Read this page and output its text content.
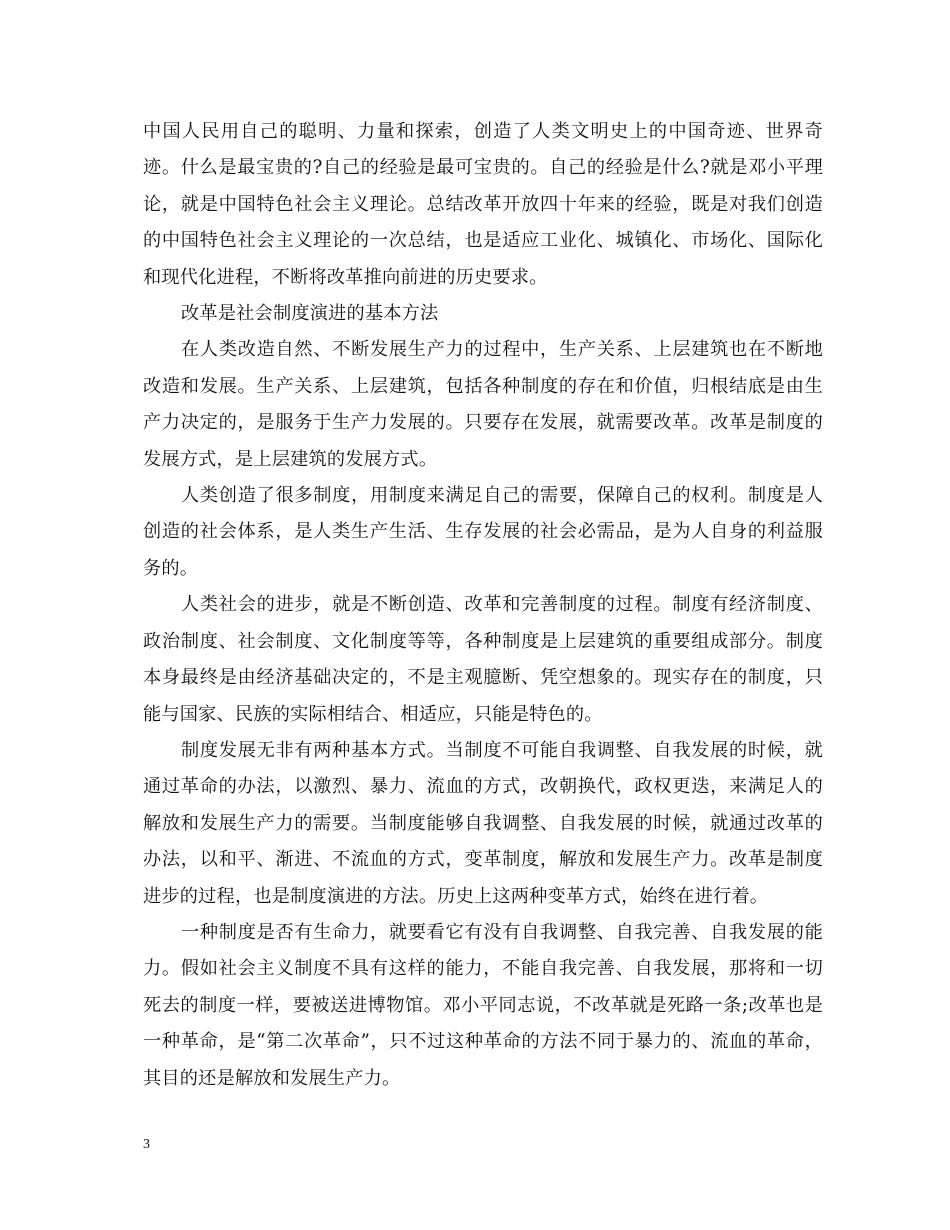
中国人民用自己的聪明、力量和探索，创造了人类文明史上的中国奇迹、世界奇迹。什么是最宝贵的?自己的经验是最可宝贵的。自己的经验是什么?就是邓小平理论，就是中国特色社会主义理论。总结改革开放四十年来的经验，既是对我们创造的中国特色社会主义理论的一次总结，也是适应工业化、城镇化、市场化、国际化和现代化进程，不断将改革推向前进的历史要求。

改革是社会制度演进的基本方法

在人类改造自然、不断发展生产力的过程中，生产关系、上层建筑也在不断地改造和发展。生产关系、上层建筑，包括各种制度的存在和价值，归根结底是由生产力决定的，是服务于生产力发展的。只要存在发展，就需要改革。改革是制度的发展方式，是上层建筑的发展方式。

人类创造了很多制度，用制度来满足自己的需要，保障自己的权利。制度是人创造的社会体系，是人类生产生活、生存发展的社会必需品，是为人自身的利益服务的。

人类社会的进步，就是不断创造、改革和完善制度的过程。制度有经济制度、政治制度、社会制度、文化制度等等，各种制度是上层建筑的重要组成部分。制度本身最终是由经济基础决定的，不是主观臆断、凭空想象的。现实存在的制度，只能与国家、民族的实际相结合、相适应，只能是特色的。

制度发展无非有两种基本方式。当制度不可能自我调整、自我发展的时候，就通过革命的办法，以激烈、暴力、流血的方式，改朝换代，政权更迭，来满足人的解放和发展生产力的需要。当制度能够自我调整、自我发展的时候，就通过改革的办法，以和平、渐进、不流血的方式，变革制度，解放和发展生产力。改革是制度进步的过程，也是制度演进的方法。历史上这两种变革方式，始终在进行着。

一种制度是否有生命力，就要看它有没有自我调整、自我完善、自我发展的能力。假如社会主义制度不具有这样的能力，不能自我完善、自我发展，那将和一切死去的制度一样，要被送进博物馆。邓小平同志说，不改革就是死路一条;改革也是一种革命，是“第二次革命”，只不过这种革命的方法不同于暴力的、流血的革命，其目的还是解放和发展生产力。

3
